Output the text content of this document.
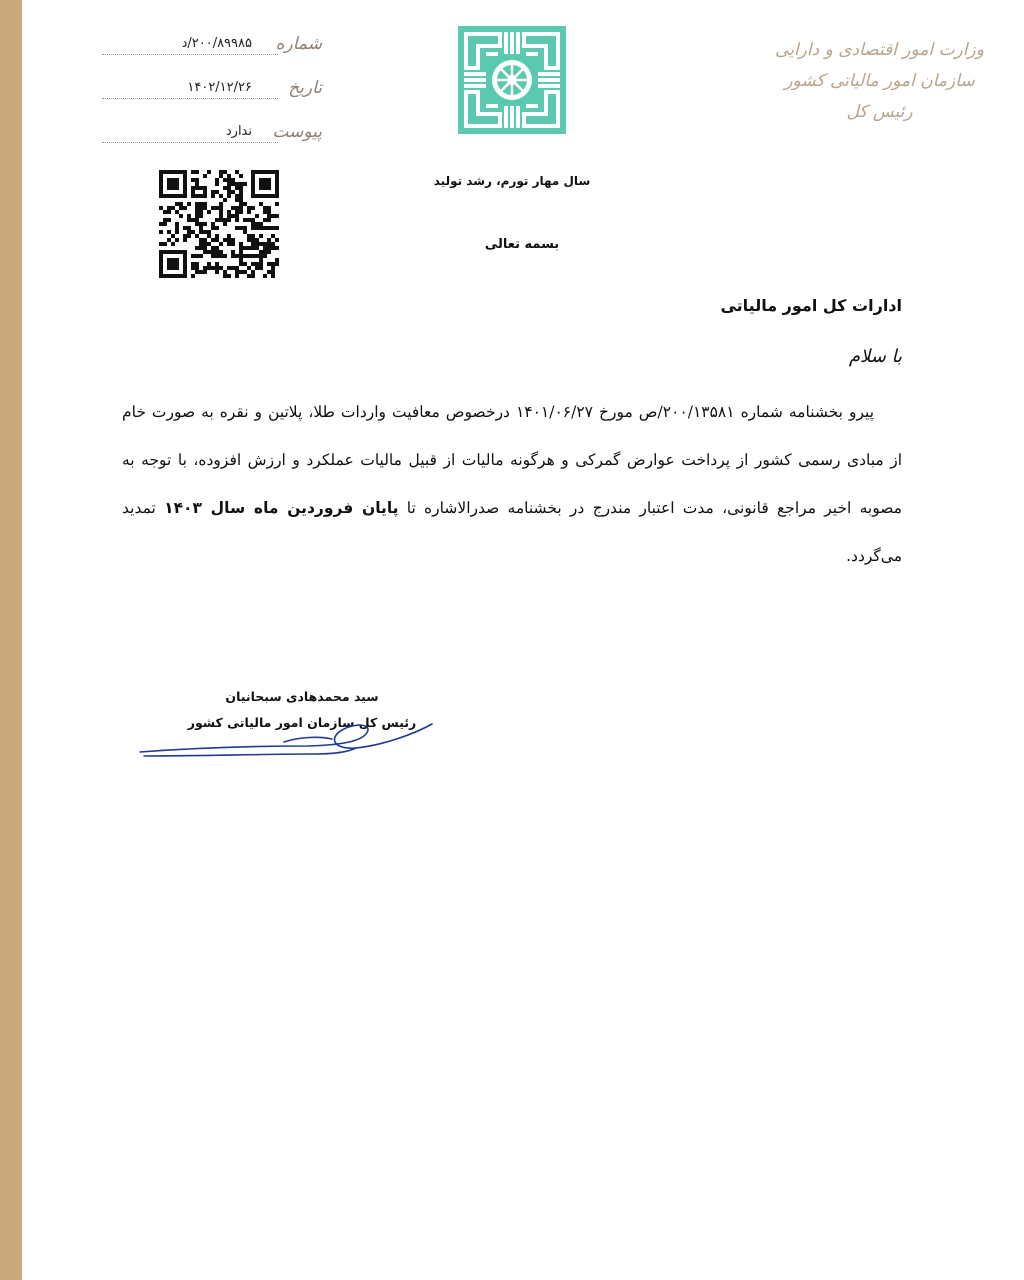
وزارت امور اقتصادی و دارایی
سازمان امور مالیاتی کشور
رئیس کل
شماره
۲۰۰/۸۹۹۸۵/د
تاریخ
۱۴۰۲/۱۲/۲۶
پیوست
ندارد
سال مهار تورم، رشد تولید
بسمه تعالی
ادارات کل امور مالیاتی
با سلام

پیرو بخشنامه شماره ۲۰۰/۱۳۵۸۱/ص مورخ ۱۴۰۱/۰۶/۲۷ درخصوص معافیت واردات طلا، پلاتین و نقره به صورت خام از مبادی رسمی کشور از پرداخت عوارض گمرکی و هرگونه مالیات از قبیل مالیات عملکرد و ارزش افزوده، با توجه به مصوبه اخیر مراجع قانونی، مدت اعتبار مندرج در بخشنامه صدرالاشاره تا پایان فروردین ماه سال ۱۴۰۳ تمدید می‌گردد.

سید محمدهادی سبحانیان
رئیس کل سازمان امور مالیاتی کشور
